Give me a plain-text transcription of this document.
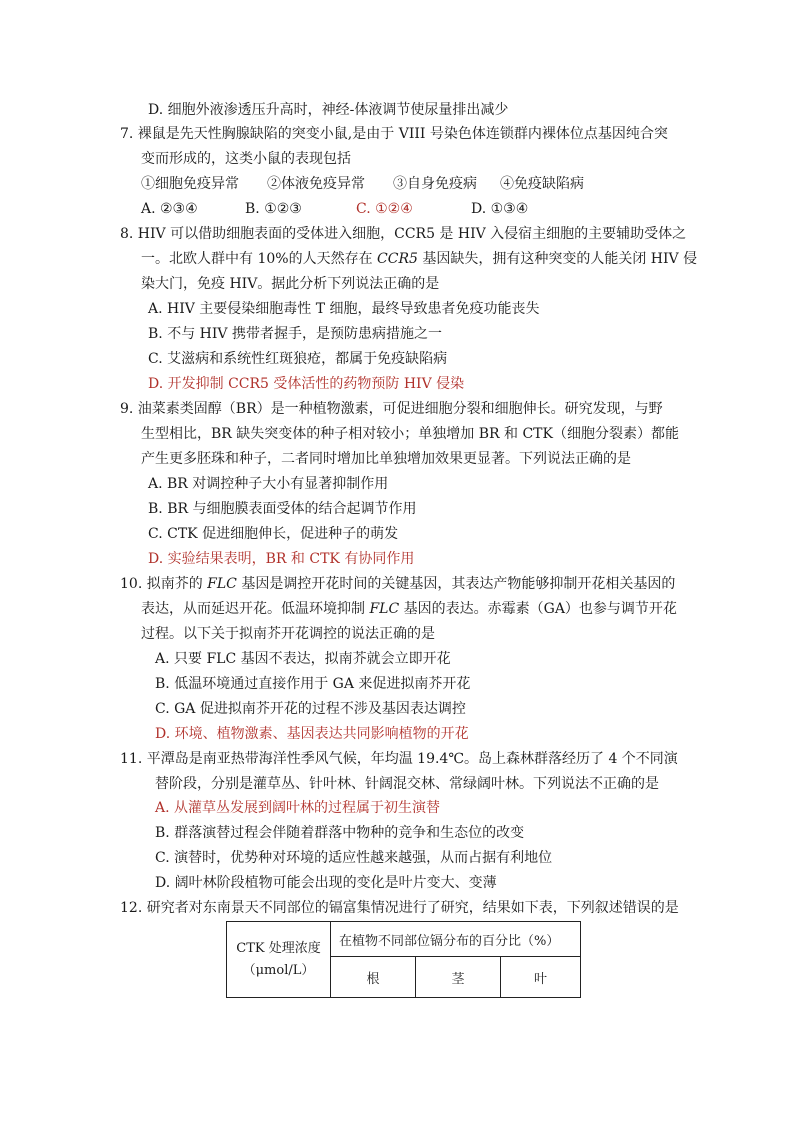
D. 细胞外液渗透压升高时，神经-体液调节使尿量排出减少
7. 裸鼠是先天性胸腺缺陷的突变小鼠,是由于 VIII 号染色体连锁群内裸体位点基因纯合突
变而形成的，这类小鼠的表现包括
①细胞免疫异常 ②体液免疫异常 ③自身免疫病 ④免疫缺陷病
A. ②③④	B. ①②③	C. ①②④	D. ①③④
8. HIV 可以借助细胞表面的受体进入细胞，CCR5 是 HIV 入侵宿主细胞的主要辅助受体之
一。北欧人群中有 10%的人天然存在 CCR5 基因缺失，拥有这种突变的人能关闭 HIV 侵
染大门，免疫 HIV。据此分析下列说法正确的是
A. HIV 主要侵染细胞毒性 T 细胞，最终导致患者免疫功能丧失
B. 不与 HIV 携带者握手，是预防患病措施之一
C. 艾滋病和系统性红斑狼疮，都属于免疫缺陷病
D. 开发抑制 CCR5 受体活性的药物预防 HIV 侵染
9. 油菜素类固醇（BR）是一种植物激素，可促进细胞分裂和细胞伸长。研究发现，与野
生型相比，BR 缺失突变体的种子相对较小；单独增加 BR 和 CTK（细胞分裂素）都能
产生更多胚珠和种子，二者同时增加比单独增加效果更显著。下列说法正确的是
A. BR 对调控种子大小有显著抑制作用
B. BR 与细胞膜表面受体的结合起调节作用
C. CTK 促进细胞伸长，促进种子的萌发
D. 实验结果表明，BR 和 CTK 有协同作用
10. 拟南芥的 FLC 基因是调控开花时间的关键基因，其表达产物能够抑制开花相关基因的
表达，从而延迟开花。低温环境抑制 FLC 基因的表达。赤霉素（GA）也参与调节开花
过程。以下关于拟南芥开花调控的说法正确的是
A. 只要 FLC 基因不表达，拟南芥就会立即开花
B. 低温环境通过直接作用于 GA 来促进拟南芥开花
C. GA 促进拟南芥开花的过程不涉及基因表达调控
D. 环境、植物激素、基因表达共同影响植物的开花
11. 平潭岛是南亚热带海洋性季风气候，年均温 19.4℃。岛上森林群落经历了 4 个不同演
替阶段，分别是灌草丛、针叶林、针阔混交林、常绿阔叶林。下列说法不正确的是
A. 从灌草丛发展到阔叶林的过程属于初生演替
B. 群落演替过程会伴随着群落中物种的竞争和生态位的改变
C. 演替时，优势种对环境的适应性越来越强，从而占据有利地位
D. 阔叶林阶段植物可能会出现的变化是叶片变大、变薄
12. 研究者对东南景天不同部位的镉富集情况进行了研究，结果如下表，下列叙述错误的是
CTK 处理浓度
（μmol/L）	在植物不同部位镉分布的百分比（%）		
	根	茎	叶
